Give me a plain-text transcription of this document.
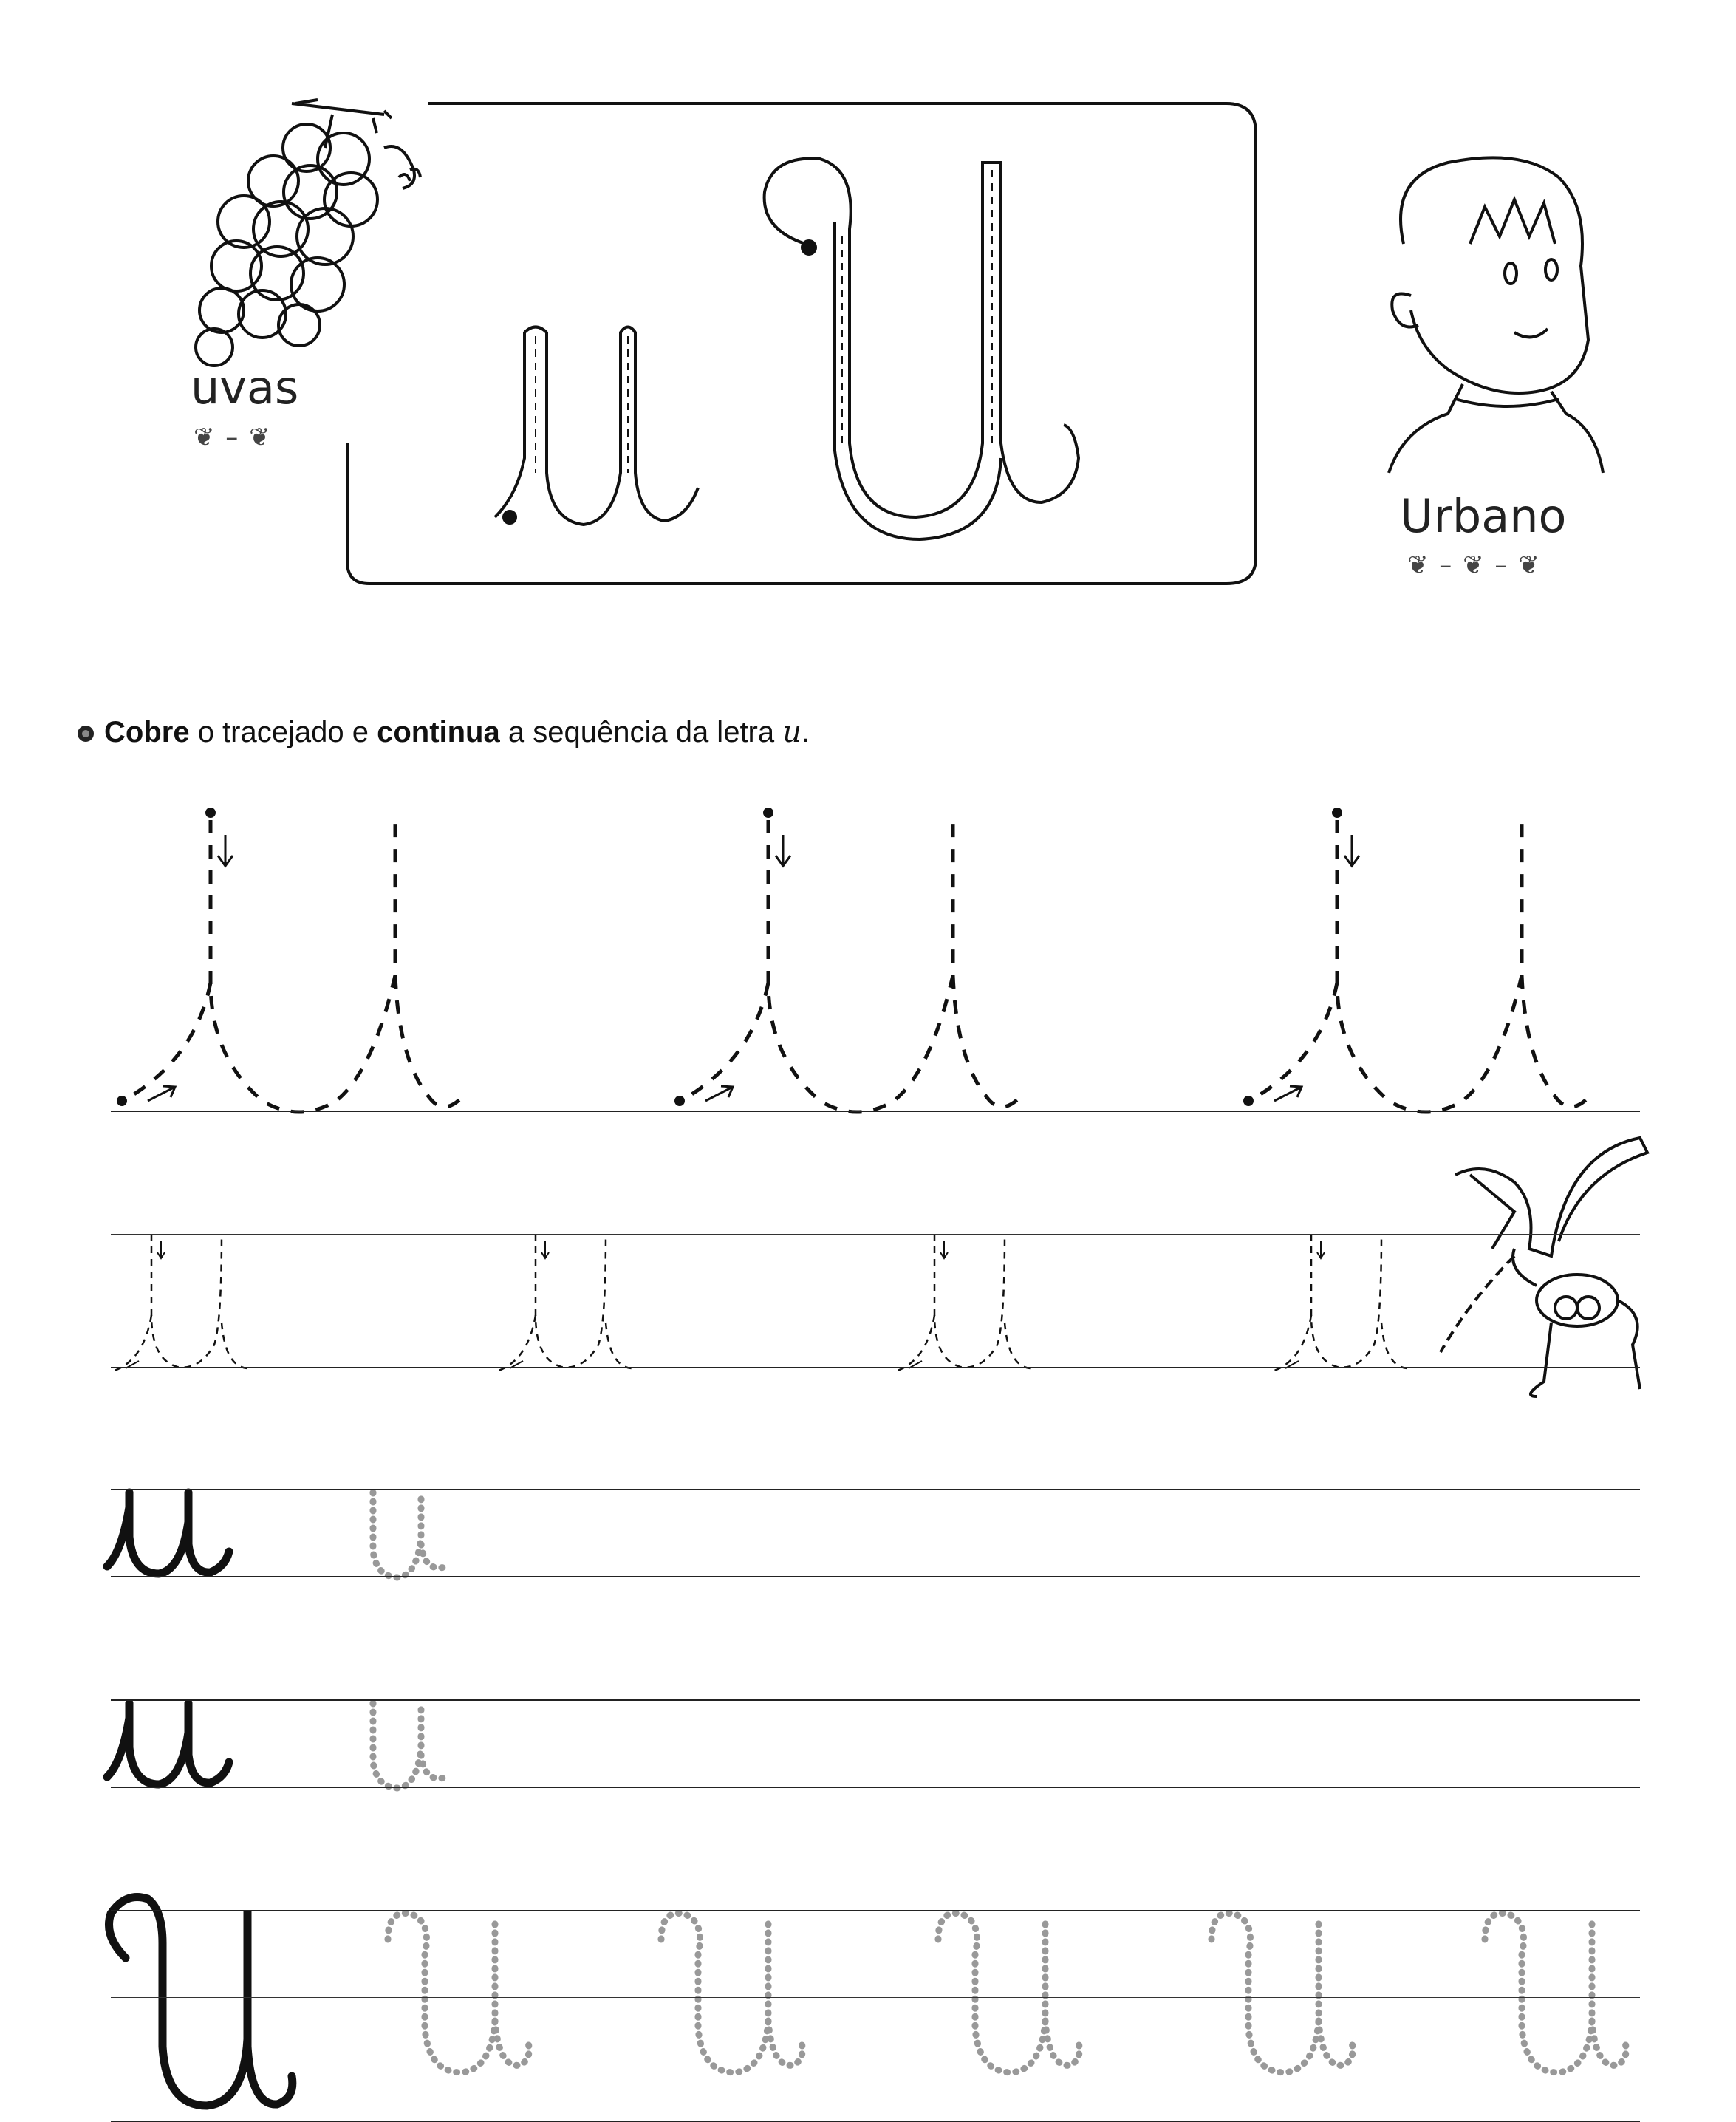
uvas
❦ – ❦
Urbano
❦ – ❦ – ❦
Cobre o tracejado e continua a sequência da letra u.
